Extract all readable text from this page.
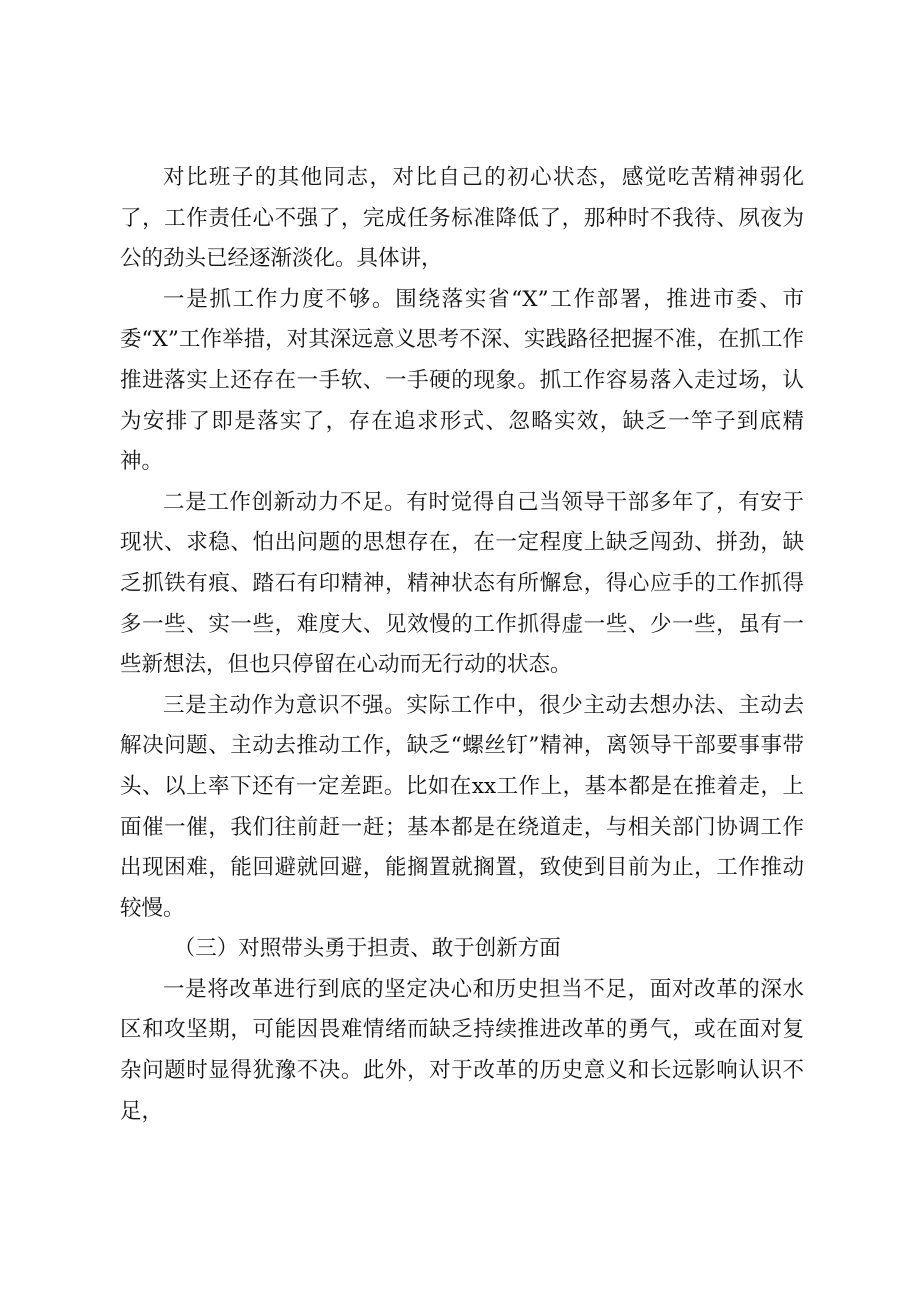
对比班子的其他同志，对比自己的初心状态，感觉吃苦精神弱化了，工作责任心不强了，完成任务标准降低了，那种时不我待、夙夜为公的劲头已经逐渐淡化。具体讲，

一是抓工作力度不够。围绕落实省“X”工作部署，推进市委、市委“X”工作举措，对其深远意义思考不深、实践路径把握不准，在抓工作推进落实上还存在一手软、一手硬的现象。抓工作容易落入走过场，认为安排了即是落实了，存在追求形式、忽略实效，缺乏一竿子到底精神。

二是工作创新动力不足。有时觉得自己当领导干部多年了，有安于现状、求稳、怕出问题的思想存在，在一定程度上缺乏闯劲、拼劲，缺乏抓铁有痕、踏石有印精神，精神状态有所懈怠，得心应手的工作抓得多一些、实一些，难度大、见效慢的工作抓得虚一些、少一些，虽有一些新想法，但也只停留在心动而无行动的状态。

三是主动作为意识不强。实际工作中，很少主动去想办法、主动去解决问题、主动去推动工作，缺乏“螺丝钉”精神，离领导干部要事事带头、以上率下还有一定差距。比如在xx工作上，基本都是在推着走，上面催一催，我们往前赶一赶；基本都是在绕道走，与相关部门协调工作出现困难，能回避就回避，能搁置就搁置，致使到目前为止，工作推动较慢。

（三）对照带头勇于担责、敢于创新方面

一是将改革进行到底的坚定决心和历史担当不足，面对改革的深水区和攻坚期，可能因畏难情绪而缺乏持续推进改革的勇气，或在面对复杂问题时显得犹豫不决。此外，对于改革的历史意义和长远影响认识不足，
